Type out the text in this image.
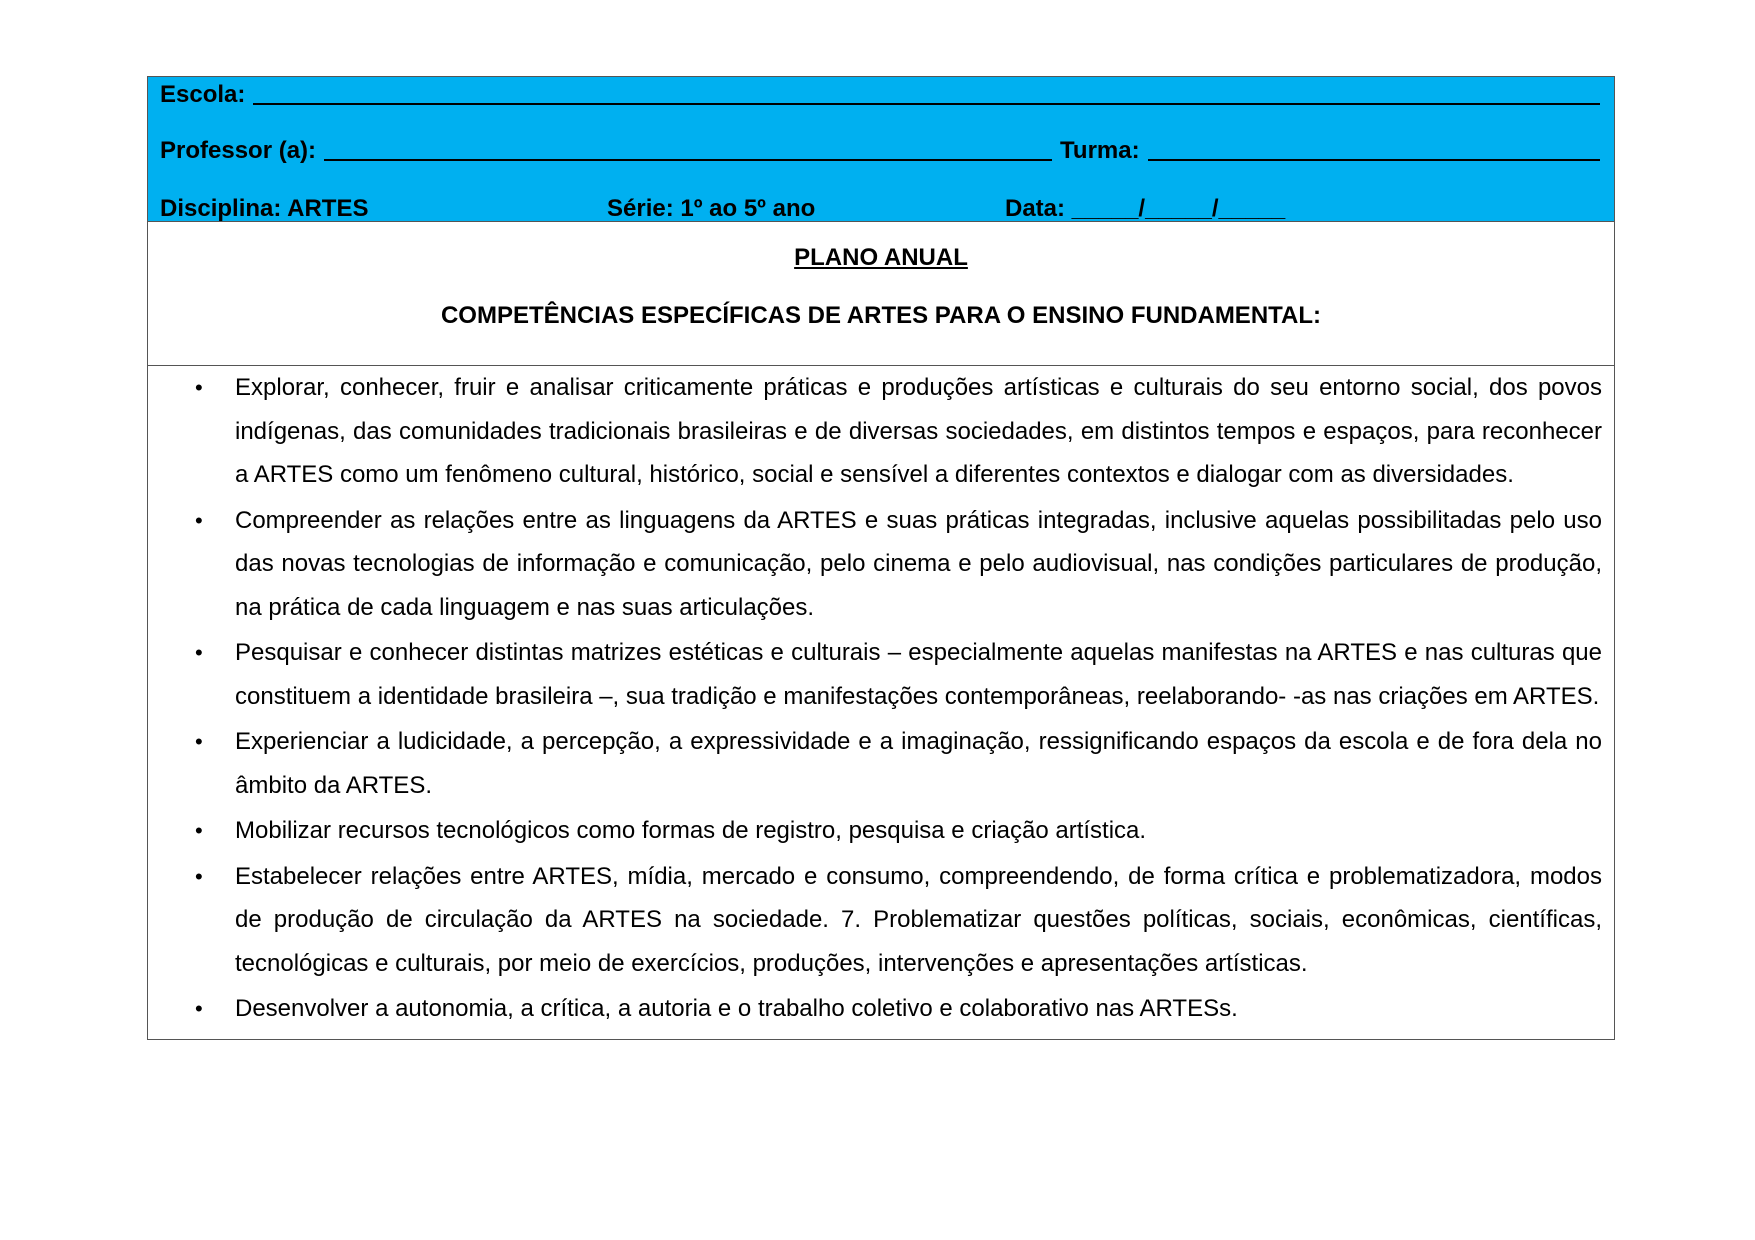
Escola:
Professor (a):	Turma:
Disciplina: ARTES	Série: 1º ao 5º ano	Data: _____/_____/_____
PLANO ANUAL
COMPETÊNCIAS ESPECÍFICAS DE ARTES PARA O ENSINO FUNDAMENTAL:
• Explorar, conhecer, fruir e analisar criticamente práticas e produções artísticas e culturais do seu entorno social, dos povos indígenas, das comunidades tradicionais brasileiras e de diversas sociedades, em distintos tempos e espaços, para reconhecer a ARTES como um fenômeno cultural, histórico, social e sensível a diferentes contextos e dialogar com as diversidades.
• Compreender as relações entre as linguagens da ARTES e suas práticas integradas, inclusive aquelas possibilitadas pelo uso das novas tecnologias de informação e comunicação, pelo cinema e pelo audiovisual, nas condições particulares de produção, na prática de cada linguagem e nas suas articulações.
• Pesquisar e conhecer distintas matrizes estéticas e culturais – especialmente aquelas manifestas na ARTES e nas culturas que constituem a identidade brasileira –, sua tradição e manifestações contemporâneas, reelaborando- -as nas criações em ARTES.
• Experienciar a ludicidade, a percepção, a expressividade e a imaginação, ressignificando espaços da escola e de fora dela no âmbito da ARTES.
• Mobilizar recursos tecnológicos como formas de registro, pesquisa e criação artística.
• Estabelecer relações entre ARTES, mídia, mercado e consumo, compreendendo, de forma crítica e problematizadora, modos de produção de circulação da ARTES na sociedade. 7. Problematizar questões políticas, sociais, econômicas, científicas, tecnológicas e culturais, por meio de exercícios, produções, intervenções e apresentações artísticas.
• Desenvolver a autonomia, a crítica, a autoria e o trabalho coletivo e colaborativo nas ARTESs.
